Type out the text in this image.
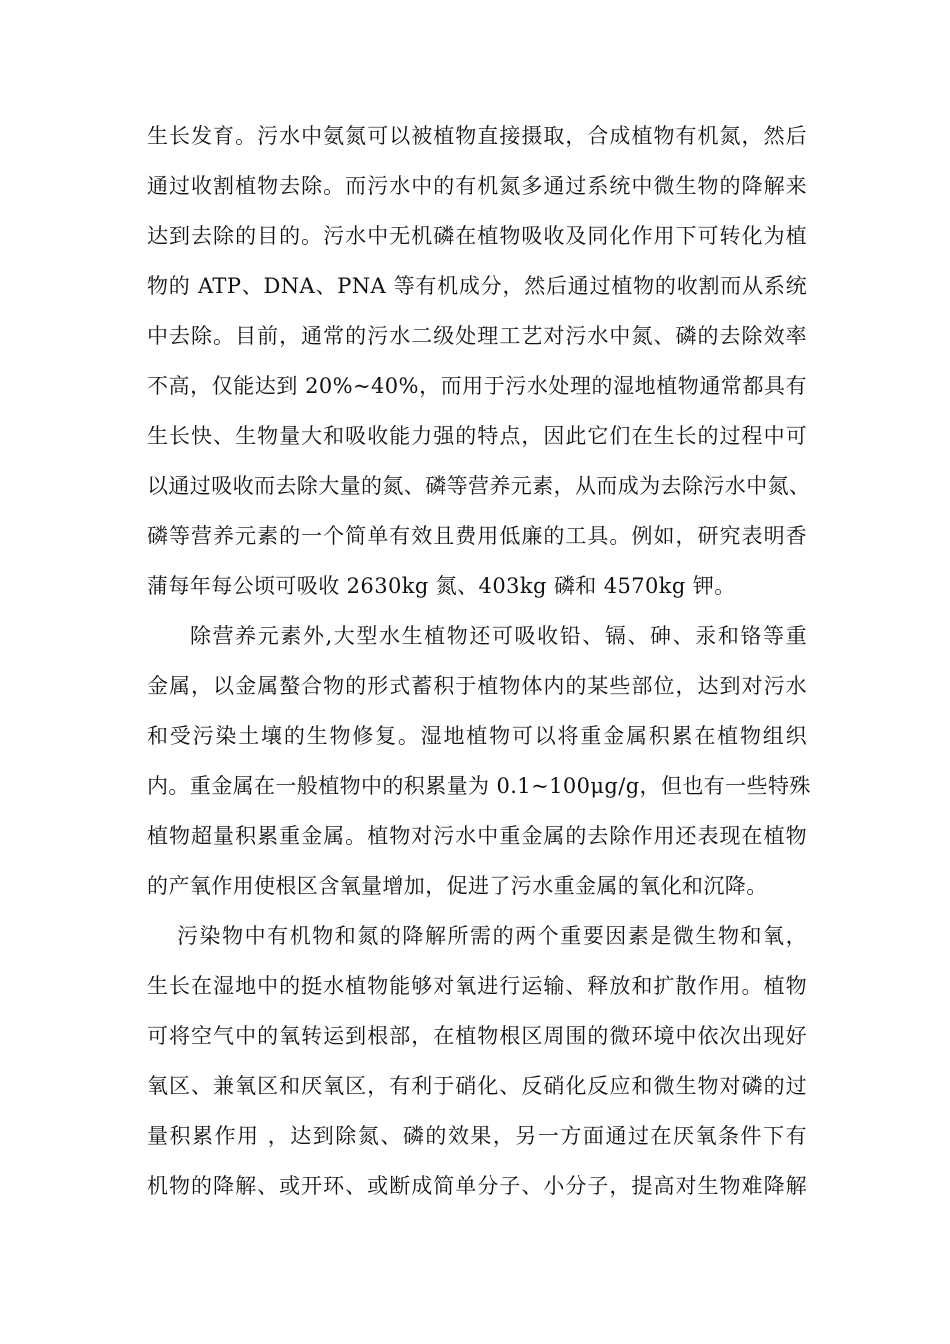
生长发育。污水中氨氮可以被植物直接摄取，合成植物有机氮，然后
通过收割植物去除。而污水中的有机氮多通过系统中微生物的降解来
达到去除的目的。污水中无机磷在植物吸收及同化作用下可转化为植
物的 ATP、DNA、PNA 等有机成分，然后通过植物的收割而从系统
中去除。目前，通常的污水二级处理工艺对污水中氮、磷的去除效率
不高，仅能达到 20%~40%，而用于污水处理的湿地植物通常都具有
生长快、生物量大和吸收能力强的特点，因此它们在生长的过程中可
以通过吸收而去除大量的氮、磷等营养元素，从而成为去除污水中氮、
磷等营养元素的一个简单有效且费用低廉的工具。例如，研究表明香
蒲每年每公顷可吸收 2630kg 氮、403kg 磷和 4570kg 钾。
除营养元素外,大型水生植物还可吸收铅、镉、砷、汞和铬等重
金属，以金属螯合物的形式蓄积于植物体内的某些部位，达到对污水
和受污染土壤的生物修复。湿地植物可以将重金属积累在植物组织
内。重金属在一般植物中的积累量为 0.1~100μg/g，但也有一些特殊
植物超量积累重金属。植物对污水中重金属的去除作用还表现在植物
的产氧作用使根区含氧量增加，促进了污水重金属的氧化和沉降。
污染物中有机物和氮的降解所需的两个重要因素是微生物和氧，
生长在湿地中的挺水植物能够对氧进行运输、释放和扩散作用。植物
可将空气中的氧转运到根部，在植物根区周围的微环境中依次出现好
氧区、兼氧区和厌氧区，有利于硝化、反硝化反应和微生物对磷的过
量积累作用 ，达到除氮、磷的效果，另一方面通过在厌氧条件下有
机物的降解、或开环、或断成简单分子、小分子，提高对生物难降解
